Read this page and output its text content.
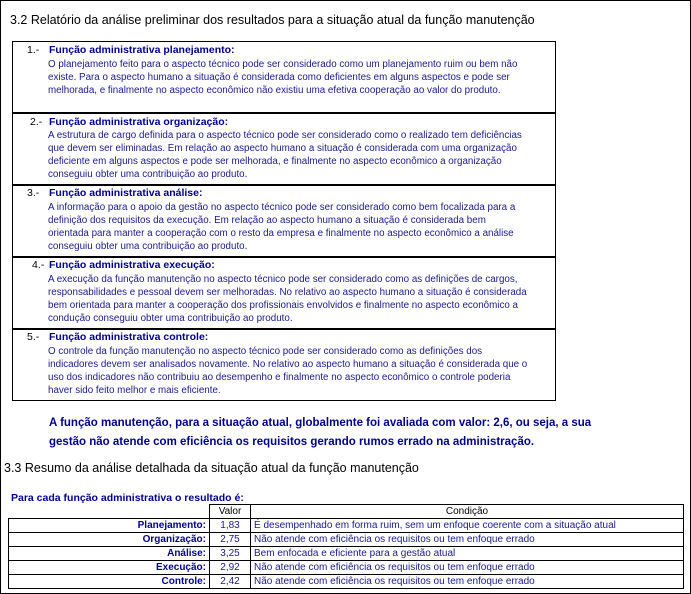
3.2 Relatório da análise preliminar dos resultados para a situação atual da função manutenção
1.- Função administrativa planejamento:
O planejamento feito para o aspecto técnico pode ser considerado como um planejamento ruim ou bem não
existe. Para o aspecto humano a situação é considerada como deficientes em alguns aspectos e pode ser
melhorada, e finalmente no aspecto econômico não existiu uma efetiva cooperação ao valor do produto.
2.- Função administrativa organização:
A estrutura de cargo definida para o aspecto técnico pode ser considerado como o realizado tem deficiências
que devem ser eliminadas. Em relação ao aspecto humano a situação é considerada com uma organização
deficiente em alguns aspectos e pode ser melhorada, e finalmente no aspecto econômico a organização
conseguiu obter uma contribuição ao produto.
3.- Função administrativa análise:
A informação para o apoio da gestão no aspecto técnico pode ser considerado como bem focalizada para a
definição dos requisitos da execução. Em relação ao aspecto humano a situação é considerada bem
orientada para manter a cooperação com o resto da empresa e finalmente no aspecto econômico a análise
conseguiu obter uma contribuição ao produto.
4.- Função administrativa execução:
A execução da função manutenção no aspecto técnico pode ser considerado como as definições de cargos,
responsabilidades e pessoal devem ser melhoradas. No relativo ao aspecto humano a situação é considerada
bem orientada para manter a cooperação dos profissionais envolvidos e finalmente no aspecto econômico a
condução conseguiu obter uma contribuição ao produto.
5.- Função administrativa controle:
O controle da função manutenção no aspecto técnico pode ser considerado como as definições dos
indicadores devem ser analisados novamente. No relativo ao aspecto humano a situação é considerada que o
uso dos indicadores não contribuiu ao desempenho e finalmente no aspecto econômico o controle poderia
haver sido feito melhor e mais eficiente.
A função manutenção, para a situação atual, globalmente foi avaliada com valor: 2,6, ou seja, a sua
gestão não atende com eficiência os requisitos gerando rumos errado na administração.
3.3 Resumo da análise detalhada da situação atual da função manutenção
Para cada função administrativa o resultado é:
	Valor	Condição
Planejamento:	1,83	É desempenhado em forma ruim, sem um enfoque coerente com a situação atual
Organização:	2,75	Não atende com eficiência os requisitos ou tem enfoque errado
Análise:	3,25	Bem enfocada e eficiente para a gestão atual
Execução:	2,92	Não atende com eficiência os requisitos ou tem enfoque errado
Controle:	2,42	Não atende com eficiência os requisitos ou tem enfoque errado
